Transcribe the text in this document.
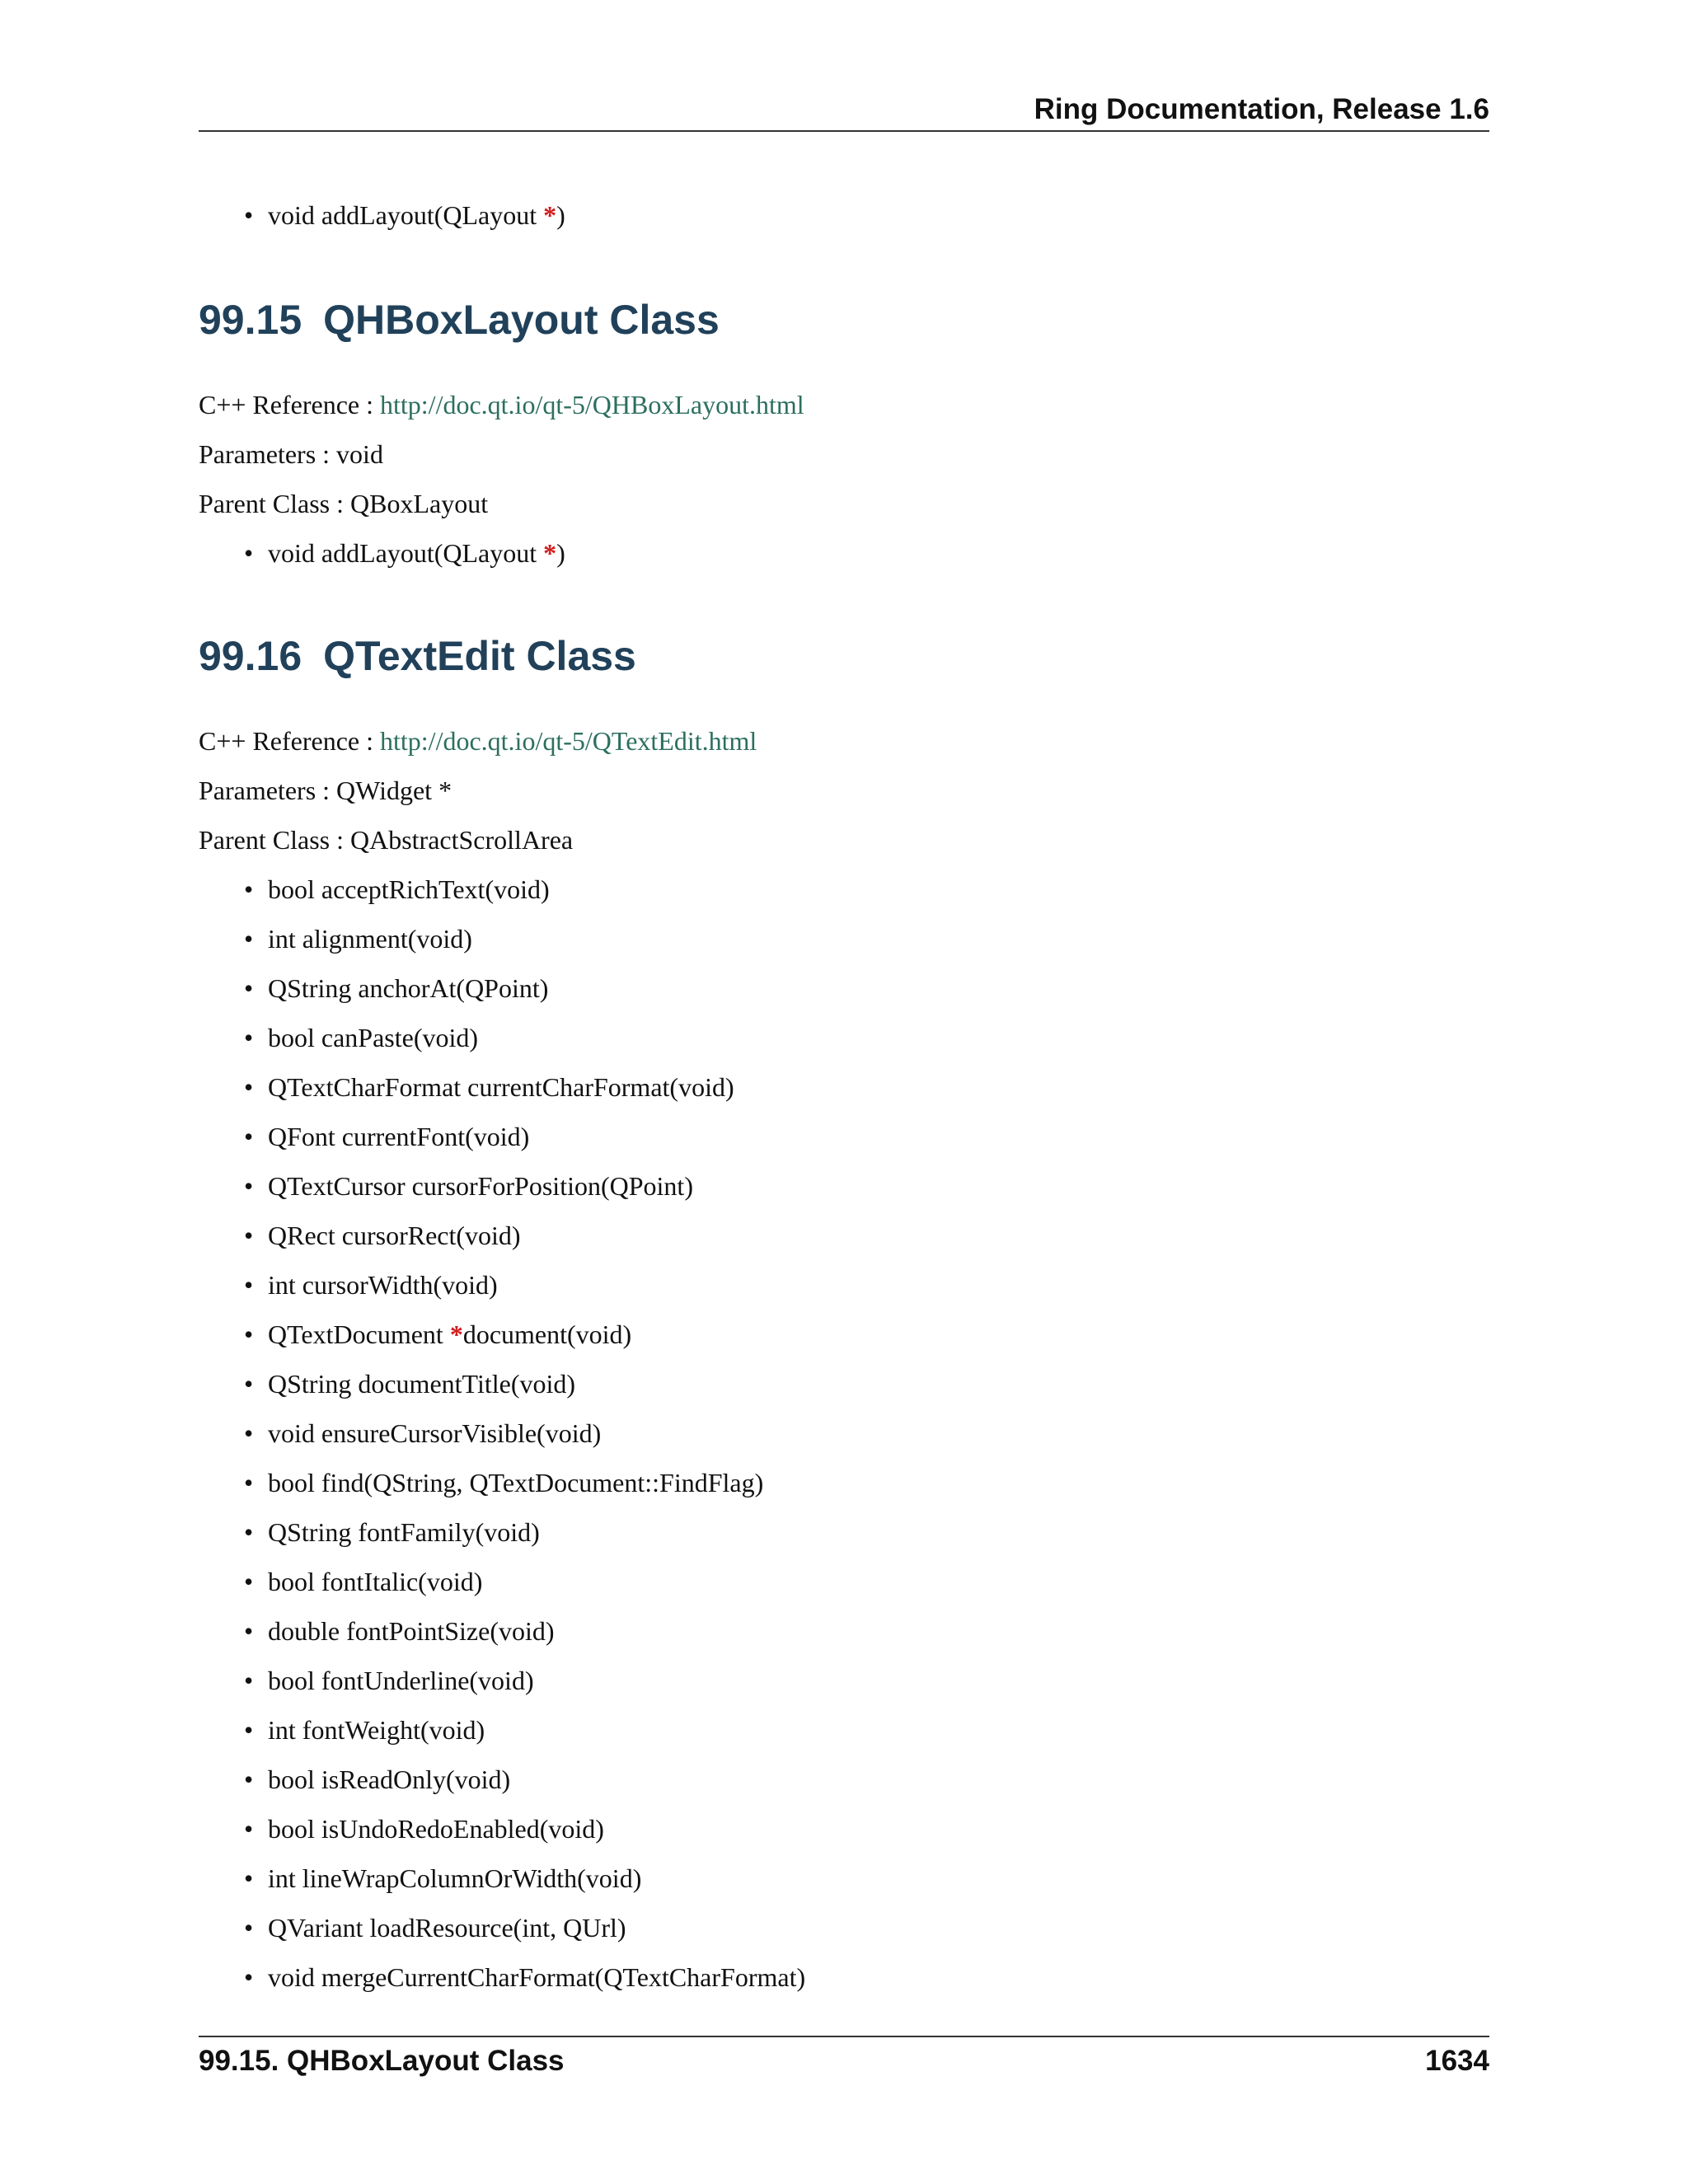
Ring Documentation, Release 1.6
• void addLayout(QLayout *)
99.15 QHBoxLayout Class
C++ Reference : http://doc.qt.io/qt-5/QHBoxLayout.html
Parameters : void
Parent Class : QBoxLayout
• void addLayout(QLayout *)
99.16 QTextEdit Class
C++ Reference : http://doc.qt.io/qt-5/QTextEdit.html
Parameters : QWidget *
Parent Class : QAbstractScrollArea
• bool acceptRichText(void)
• int alignment(void)
• QString anchorAt(QPoint)
• bool canPaste(void)
• QTextCharFormat currentCharFormat(void)
• QFont currentFont(void)
• QTextCursor cursorForPosition(QPoint)
• QRect cursorRect(void)
• int cursorWidth(void)
• QTextDocument *document(void)
• QString documentTitle(void)
• void ensureCursorVisible(void)
• bool find(QString, QTextDocument::FindFlag)
• QString fontFamily(void)
• bool fontItalic(void)
• double fontPointSize(void)
• bool fontUnderline(void)
• int fontWeight(void)
• bool isReadOnly(void)
• bool isUndoRedoEnabled(void)
• int lineWrapColumnOrWidth(void)
• QVariant loadResource(int, QUrl)
• void mergeCurrentCharFormat(QTextCharFormat)
99.15. QHBoxLayout Class	1634
